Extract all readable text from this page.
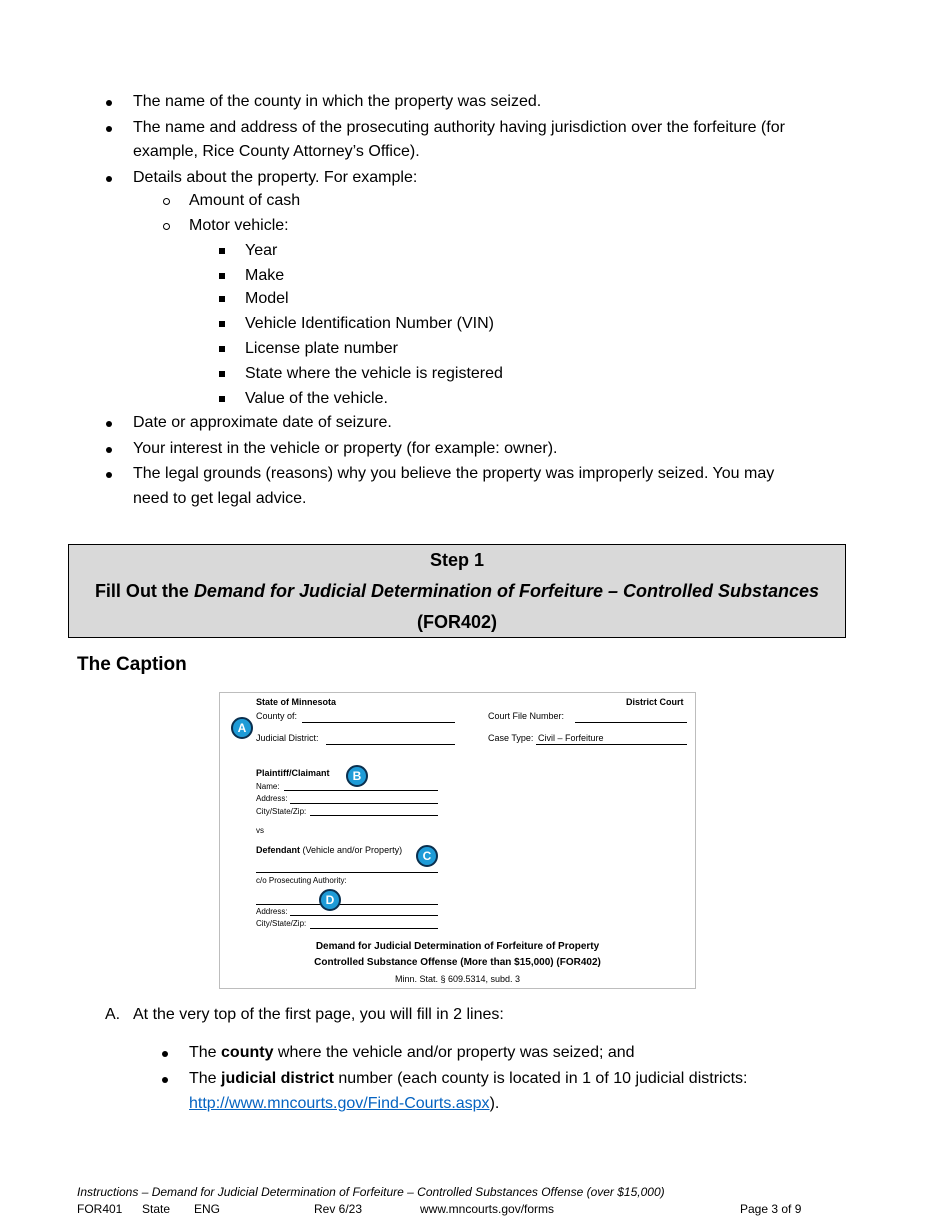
The name of the county in which the property was seized.
The name and address of the prosecuting authority having jurisdiction over the forfeiture (for
example, Rice County Attorney’s Office).
Details about the property. For example:
Amount of cash
Motor vehicle:
Year
Make
Model
Vehicle Identification Number (VIN)
License plate number
State where the vehicle is registered
Value of the vehicle.
Date or approximate date of seizure.
Your interest in the vehicle or property (for example: owner).
The legal grounds (reasons) why you believe the property was improperly seized. You may
need to get legal advice.
Step 1
Fill Out the Demand for Judicial Determination of Forfeiture – Controlled Substances
(FOR402)
The Caption
State of Minnesota	District Court
County of:	Court File Number:
Judicial District:	Case Type: Civil – Forfeiture
Plaintiff/Claimant
Name:
Address:
City/State/Zip:
vs
Defendant (Vehicle and/or Property)
c/o Prosecuting Authority:
Address:
City/State/Zip:
Demand for Judicial Determination of Forfeiture of Property
Controlled Substance Offense (More than $15,000) (FOR402)
Minn. Stat. § 609.5314, subd. 3
A
B
C
D
A. At the very top of the first page, you will fill in 2 lines:
The county where the vehicle and/or property was seized; and
The judicial district number (each county is located in 1 of 10 judicial districts:
http://www.mncourts.gov/Find-Courts.aspx).
Instructions – Demand for Judicial Determination of Forfeiture – Controlled Substances Offense (over $15,000)
FOR401 State ENG	Rev 6/23	www.mncourts.gov/forms	Page 3 of 9
